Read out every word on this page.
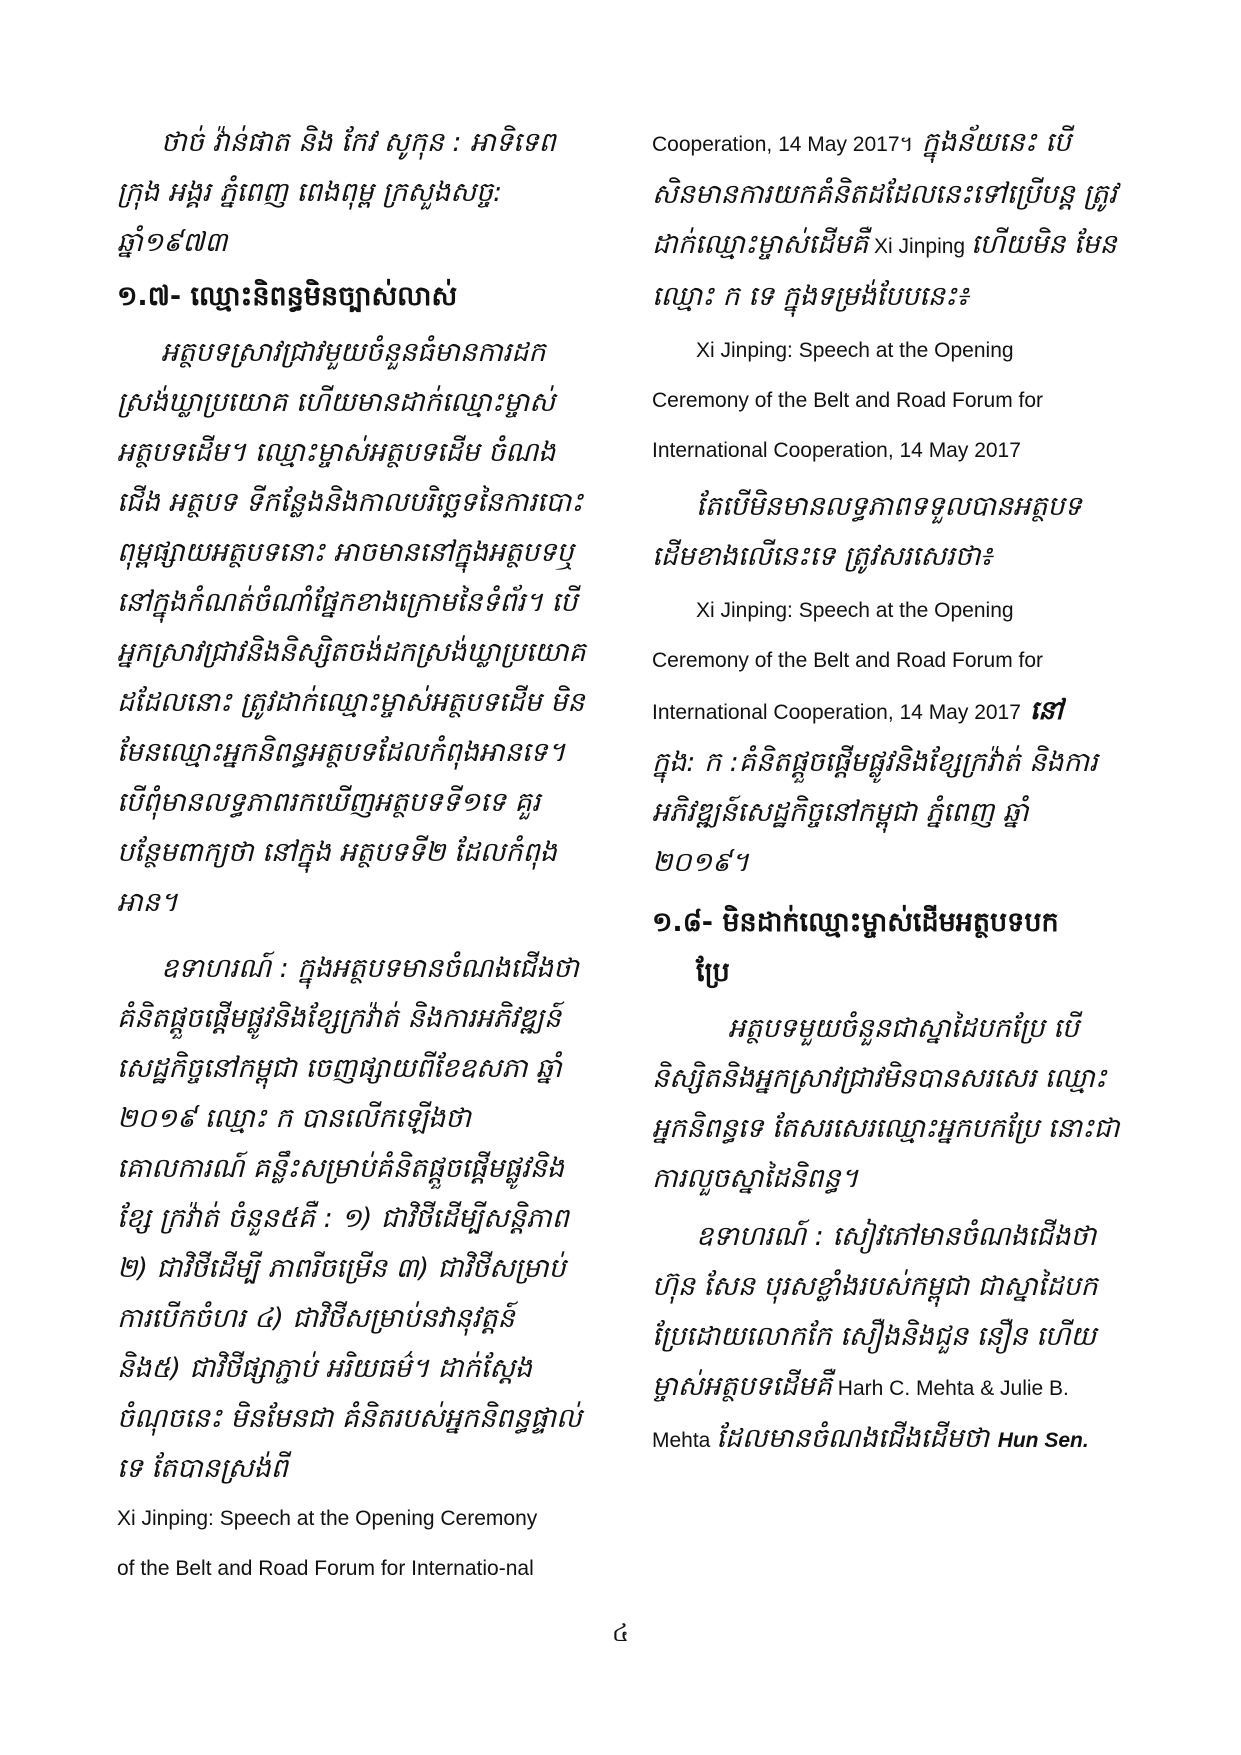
ថាច់ វ៉ាន់ផាត និង កែវ សូកុន : អាទិទេពក្រុង អង្គរ ភ្នំពេញ ពេងពុម្ព ក្រសួងសច្ច: ឆ្នាំ១៩៧៣

១.៧- ឈ្មោះនិពន្ធមិនច្បាស់លាស់

អត្ថបទស្រាវជ្រាវមួយចំនួនធំមានការដក ស្រង់ឃ្លាប្រយោគ ហើយមានដាក់ឈ្មោះម្ចាស់ អត្ថបទដើម។ ឈ្មោះម្ចាស់អត្ថបទដើម ចំណង ជើង អត្ថបទ ទីកន្លែងនិងកាលបរិច្ឆេទនៃការបោះ ពុម្ពផ្សាយអត្ថបទនោះ អាចមាននៅក្នុងអត្ថបទឬ នៅក្នុងកំណត់ចំណាំផ្នែកខាងក្រោមនៃទំព័រ។ បើ អ្នកស្រាវជ្រាវនិងនិស្សិតចង់ដកស្រង់ឃ្លាប្រយោគ ដដែលនោះ ត្រូវដាក់ឈ្មោះម្ចាស់អត្ថបទដើម មិន មែនឈ្មោះអ្នកនិពន្ធអត្ថបទដែលកំពុងអានទេ។ បើពុំមានលទ្ធភាពរកឃើញអត្ថបទទី១ទេ គួរ បន្ថែមពាក្យថា នៅក្នុង អត្ថបទទី២ ដែលកំពុង អាន។

ឧទាហរណ៍ : ក្នុងអត្ថបទមានចំណងជើងថា គំនិតផ្តួចផ្តើមផ្លូវនិងខ្សែក្រវ៉ាត់ និងការអភិវឌ្ឍន៍ សេដ្ឋកិច្ចនៅកម្ពុជា ចេញផ្សាយពីខែឧសភា ឆ្នាំ ២០១៩ ឈ្មោះ ក បានលើកឡើងថាគោលការណ៍ គន្លឹះសម្រាប់គំនិតផ្តួចផ្តើមផ្លូវនិងខ្សែ ក្រវ៉ាត់ ចំនួន៥គឺ : ១) ជាវិថីដើម្បីសន្តិភាព ២) ជាវិថីដើម្បី ភាពរីចម្រើន ៣) ជាវិថីសម្រាប់ការបើកចំហរ ៤) ជាវិថីសម្រាប់នវានុវត្តន៍ និង៥) ជាវិថីផ្សាភ្ជាប់ អរិយធម៌។ ដាក់ស្តែងចំណុចនេះ មិនមែនជា គំនិតរបស់អ្នកនិពន្ធផ្ទាល់ទេ តែបានស្រង់ពី

Xi Jinping: Speech at the Opening Ceremony

of the Belt and Road Forum for Internatio-nal

Cooperation, 14 May 2017។ ក្នុងន័យនេះ បើ សិនមានការយកគំនិតដដែលនេះទៅប្រើបន្ត ត្រូវដាក់ឈ្មោះម្ចាស់ដើមគឺ Xi Jinping ហើយមិន មែន ឈ្មោះ ក ទេ ក្នុងទម្រង់បែបនេះ៖

Xi Jinping: Speech at the Opening

Ceremony of the Belt and Road Forum for

International Cooperation, 14 May 2017

តែបើមិនមានលទ្ធភាពទទួលបានអត្ថបទ ដើមខាងលើនេះទេ ត្រូវសរសេរថា៖

Xi Jinping: Speech at the Opening

Ceremony of the Belt and Road Forum for

International Cooperation, 14 May 2017 នៅ

ក្នុង: ក :គំនិតផ្តួចផ្តើមផ្លូវនិងខ្សែក្រវ៉ាត់ និងការ អភិវឌ្ឍន៍សេដ្ឋកិច្ចនៅកម្ពុជា ភ្នំពេញ ឆ្នាំ ២០១៩។

១.៨- មិនដាក់ឈ្មោះម្ចាស់ដើមអត្ថបទបក
ប្រែ

អត្ថបទមួយចំនួនជាស្នាដៃបកប្រែ បើនិស្សិតនិងអ្នកស្រាវជ្រាវមិនបានសរសេរ ឈ្មោះអ្នកនិពន្ធទេ តែសរសេរឈ្មោះអ្នកបកប្រែ នោះជាការលួចស្នាដៃនិពន្ធ។

ឧទាហរណ៍ : សៀវភៅមានចំណងជើងថា ហ៊ុន សែន បុរសខ្លាំងរបស់កម្ពុជា ជាស្នាដៃបក ប្រែដោយលោកកែ សឿងនិងជួន នឿន ហើយ ម្ចាស់អត្ថបទដើមគឺ Harh C. Mehta & Julie B. Mehta ដែលមានចំណងជើងដើមថា Hun Sen.

៤
